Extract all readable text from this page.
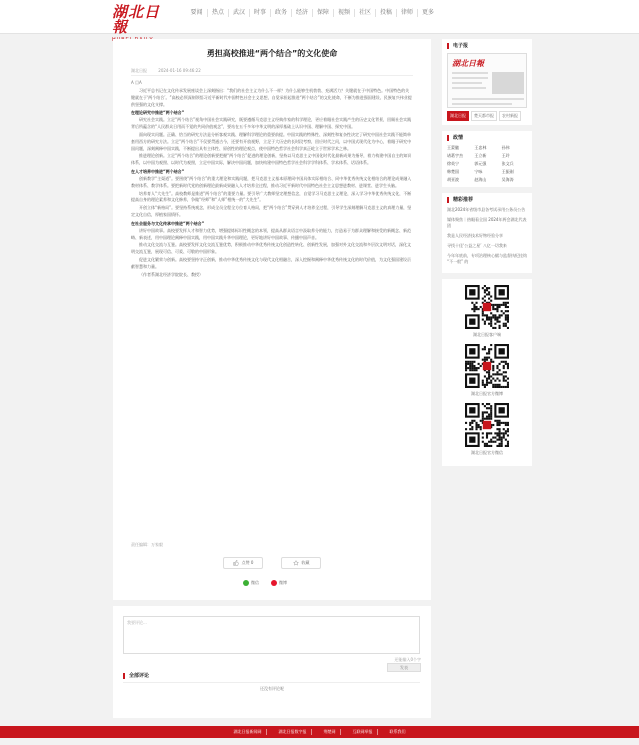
湖北日報
要闻	热点	武汉	时事	政务	经济	保障	视频	社区	投稿	律师	更多
勇担高校推进“两个结合”的文化使命
湖北日报	2024-01-16 09:46:22
A 目A

习近平总书记在文化传承发展座谈会上深刻指出：“我们的社会主义为什么不一样？为什么能够生机勃勃、充满活力？关键就在于中国特色。中国特色的关键就在于‘两个结合’。”高校必须深刻领悟习近平新时代中国特色社会主义思想，自觉承担起推进“两个结合”的文化使命，不断为推进强国建设、民族复兴伟业提供坚强的文化支撑。

在理论研究中推进“两个结合”

研究社会实践。立足“两个结合”视角中国社会实践研究，既要遵循马克思主义经典作家的科学理论，更应着眼社会实践产生的历史文化背景，回顾社会实践背后所蕴含的“人民群众日用而不觉的共同价值观念”，要站在五千多年中华文明的深厚基础上认识中国、理解中国、探究中国。

面向现实问题。正确、恰当的研究方法是分析客观实践、理解科学理论的重要前提。中国实践的特殊性、深刻性和复杂性决定了研究中国社会实践不能简单套用西方的研究方法。立足“两个结合”不仅要贯通古今，还要有开放视野，立足于大历史的长时段考察，回应时代之问，以中国式现代化为中心，着眼于研究中国问题，深刻阐释中国实践，不断提出具有主体性、原创性的理论观点，使中国特色哲学社会科学真正屹立于世界学术之林。

推进理论创新。立足“两个结合”的理论创新要把握“两个结合”促进的理论创新，坚持以马克思主义中国化时代化最新成果为指导，着力构建中国自主的知识体系，以中国为观照、以时代为观照，立足中国实际，解决中国问题，加快构建中国特色哲学社会科学学科体系、学术体系、话语体系。

在人才培养中推进“两个结合”

创新教学“主渠道”。要围绕“两个结合”的重大理论和实践问题，把马克思主义基本原理同中国具体实际相结合、同中华优秀传统文化相结合的理论成果融入教材体系、教学体系。要把新时代党的创新理论最新成果融入人才培养全过程，推动习近平新时代中国特色社会主义思想进教材、进课堂、进学生头脑。

培养育人“大先生”。高校教师是推进“两个结合”的重要力量。要引导广大教师坚定理想信念，自觉学习马克思主义理论，深入学习中华优秀传统文化，不断提高自身的理论素养和文化修养，争做“经师”和“人师”相统一的“大先生”。

开创立体“新格局”。要坚持系统观念，形成全员全程全方位育人格局，把“两个结合”贯穿到人才培养全过程，引导学生深刻理解马克思主义的真理力量，坚定文化自信，厚植家国情怀。

在社会服务与文化传承中推进“两个结合”

讲好中国故事。高校要发挥人才和智力优势，增强提炼标识性概念的本领，提高从群众语言中汲取养分的能力，打造易于为群众理解和接受的新概念、新范畴、新表述，用中国理论阐释中国实践，用中国实践升华中国理论，更好地讲好中国故事、传播中国声音。

推动文化交流与互鉴。高校要发挥文化交流互鉴优势，积极推动中华优秀传统文化创造性转化、创新性发展，加强对外文化交流和多层次文明对话，深化文明交流互鉴，展现可信、可爱、可敬的中国形象。

促进文化繁荣与创新。高校要坚持守正创新，推动中华优秀传统文化与现代文化相融合，深入挖掘和阐释中华优秀传统文化的时代价值，为文化强国建设贡献智慧和力量。

（作者系湖北经济学院院长、教授）

责任编辑：万家毅
点赞 0	收藏
微信	微博
我要评论...
还能输入0个字
发表
全部评论
还没有评论呢
电子报
湖北日報
湖北日报	楚天都市报	农村新报
政情
王蒙徽	王忠林	孙伟
诸葛宇杰	王立新	王玲
徐英宁	郭元强	张文兵
韩楚国	宁咏	王振刚
胡亚波	赵海山	吴海涛
精彩推荐
湖北2024年省级市县各考试录用公务员公告
媒体聚焦｜热眼看全国 2024年两会湖北代表团
我是人民经济技术好物经验分享
寻找十佳‘公益之星’ 八亿一切我来
今年年底前，专项治理核心赋与监督执纪挂钩 “不一般” 的
湖北日报客户端
湖北日报官方微博
湖北日报官方微信
湖北日报新闻网	湖北日报数字报	荆楚网	互联网举报	联系我们
